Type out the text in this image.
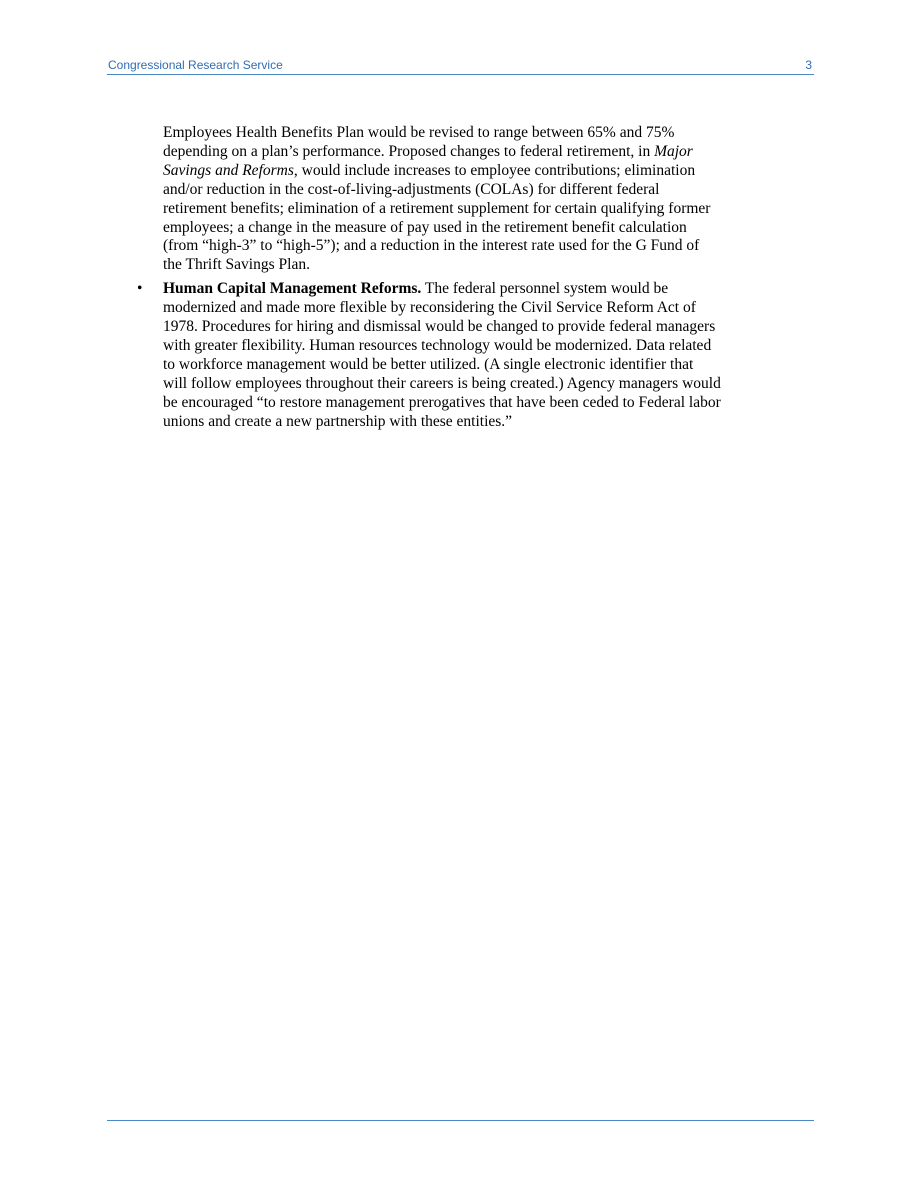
Congressional Research Service	3
Employees Health Benefits Plan would be revised to range between 65% and 75%
depending on a plan’s performance. Proposed changes to federal retirement, in Major
Savings and Reforms, would include increases to employee contributions; elimination
and/or reduction in the cost-of-living-adjustments (COLAs) for different federal
retirement benefits; elimination of a retirement supplement for certain qualifying former
employees; a change in the measure of pay used in the retirement benefit calculation
(from “high-3” to “high-5”); and a reduction in the interest rate used for the G Fund of
the Thrift Savings Plan.
• Human Capital Management Reforms. The federal personnel system would be
modernized and made more flexible by reconsidering the Civil Service Reform Act of
1978. Procedures for hiring and dismissal would be changed to provide federal managers
with greater flexibility. Human resources technology would be modernized. Data related
to workforce management would be better utilized. (A single electronic identifier that
will follow employees throughout their careers is being created.) Agency managers would
be encouraged “to restore management prerogatives that have been ceded to Federal labor
unions and create a new partnership with these entities.”
